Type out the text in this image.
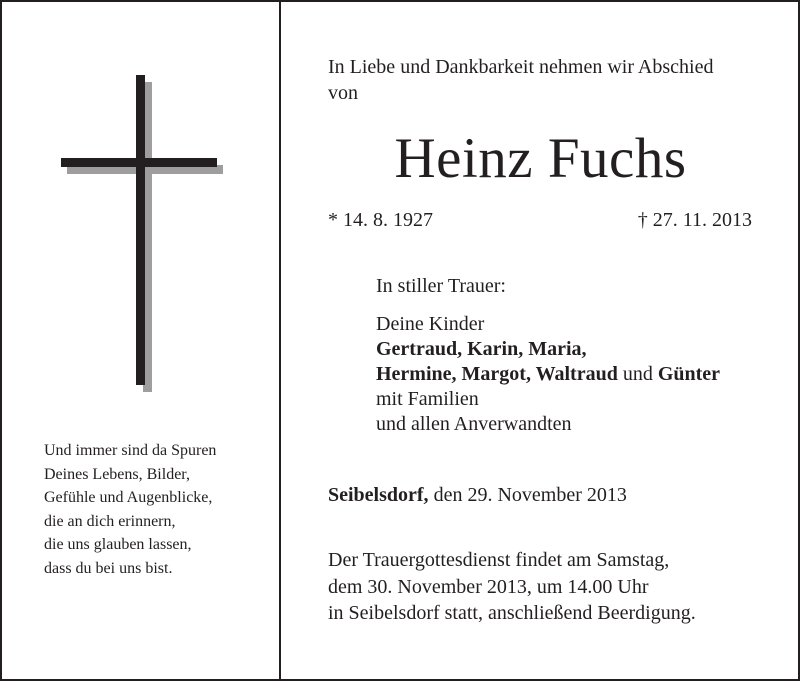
Und immer sind da Spuren
Deines Lebens, Bilder,
Gefühle und Augenblicke,
die an dich erinnern,
die uns glauben lassen,
dass du bei uns bist.
In Liebe und Dankbarkeit nehmen wir Abschied
von
Heinz Fuchs
* 14. 8. 1927	† 27. 11. 2013
In stiller Trauer:
Deine Kinder
Gertraud, Karin, Maria,
Hermine, Margot, Waltraud und Günter
mit Familien
und allen Anverwandten
Seibelsdorf, den 29. November 2013
Der Trauergottesdienst findet am Samstag,
dem 30. November 2013, um 14.00 Uhr
in Seibelsdorf statt, anschließend Beerdigung.
